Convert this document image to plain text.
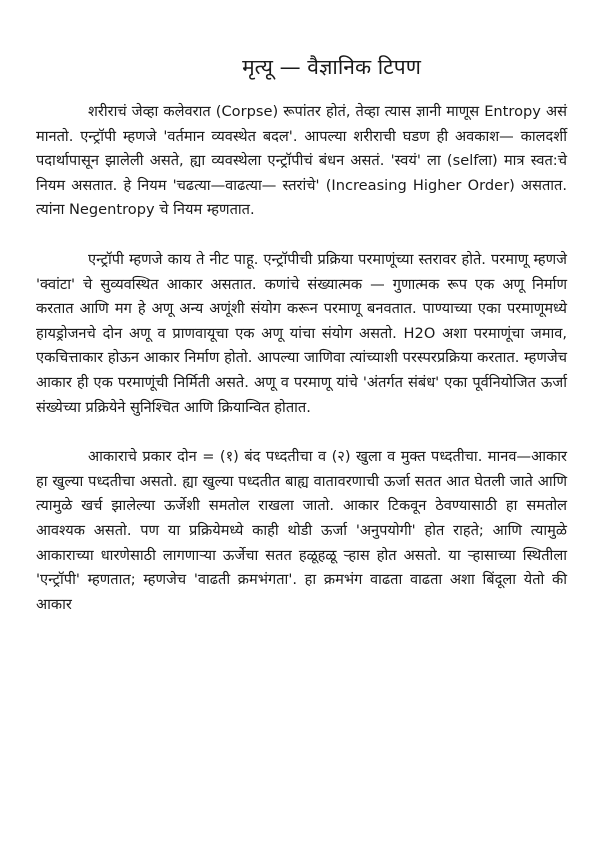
मृत्यू — वैज्ञानिक टिपण

शरीराचं जेव्हा कलेवरात (Corpse) रूपांतर होतं, तेव्हा त्यास ज्ञानी माणूस Entropy असं मानतो. एन्ट्रॉपी म्हणजे 'वर्तमान व्यवस्थेत बदल'. आपल्या शरीराची घडण ही अवकाश— कालदर्शी पदार्थापासून झालेली असते, ह्या व्यवस्थेला एन्ट्रॉपीचं बंधन असतं. 'स्वयं' ला (selfला) मात्र स्वत:चे नियम असतात. हे नियम 'चढत्या—वाढत्या— स्तरांचे' (Increasing Higher Order) असतात. त्यांना Negentropy चे नियम म्हणतात.

एन्ट्रॉपी म्हणजे काय ते नीट पाहू. एन्ट्रॉपीची प्रक्रिया परमाणूंच्या स्तरावर होते. परमाणू म्हणजे 'क्वांटा' चे सुव्यवस्थित आकार असतात. कणांचे संख्यात्मक — गुणात्मक रूप एक अणू निर्माण करतात आणि मग हे अणू अन्य अणूंशी संयोग करून परमाणू बनवतात. पाण्याच्या एका परमाणूमध्ये हायड्रोजनचे दोन अणू व प्राणवायूचा एक अणू यांचा संयोग असतो. H2O अशा परमाणूंचा जमाव, एकचित्ताकार होऊन आकार निर्माण होतो. आपल्या जाणिवा त्यांच्याशी परस्परप्रक्रिया करतात. म्हणजेच आकार ही एक परमाणूंची निर्मिती असते. अणू व परमाणू यांचे 'अंतर्गत संबंध' एका पूर्वनियोजित ऊर्जा संख्येच्या प्रक्रियेने सुनिश्चित आणि क्रियान्वित होतात.

आकाराचे प्रकार दोन = (१) बंद पध्दतीचा व (२) खुला व मुक्त पध्दतीचा. मानव—आकार हा खुल्या पध्दतीचा असतो. ह्या खुल्या पध्दतीत बाह्य वातावरणाची ऊर्जा सतत आत घेतली जाते आणि त्यामुळे खर्च झालेल्या ऊर्जेशी समतोल राखला जातो. आकार टिकवून ठेवण्यासाठी हा समतोल आवश्यक असतो. पण या प्रक्रियेमध्ये काही थोडी ऊर्जा 'अनुपयोगी' होत राहते; आणि त्यामुळे आकाराच्या धारणेसाठी लागणाऱ्या ऊर्जेचा सतत हळूहळू ऱ्हास होत असतो. या ऱ्हासाच्या स्थितीला 'एन्ट्रॉपी' म्हणतात; म्हणजेच 'वाढती क्रमभंगता'. हा क्रमभंग वाढता वाढता अशा बिंदूला येतो की आकार
